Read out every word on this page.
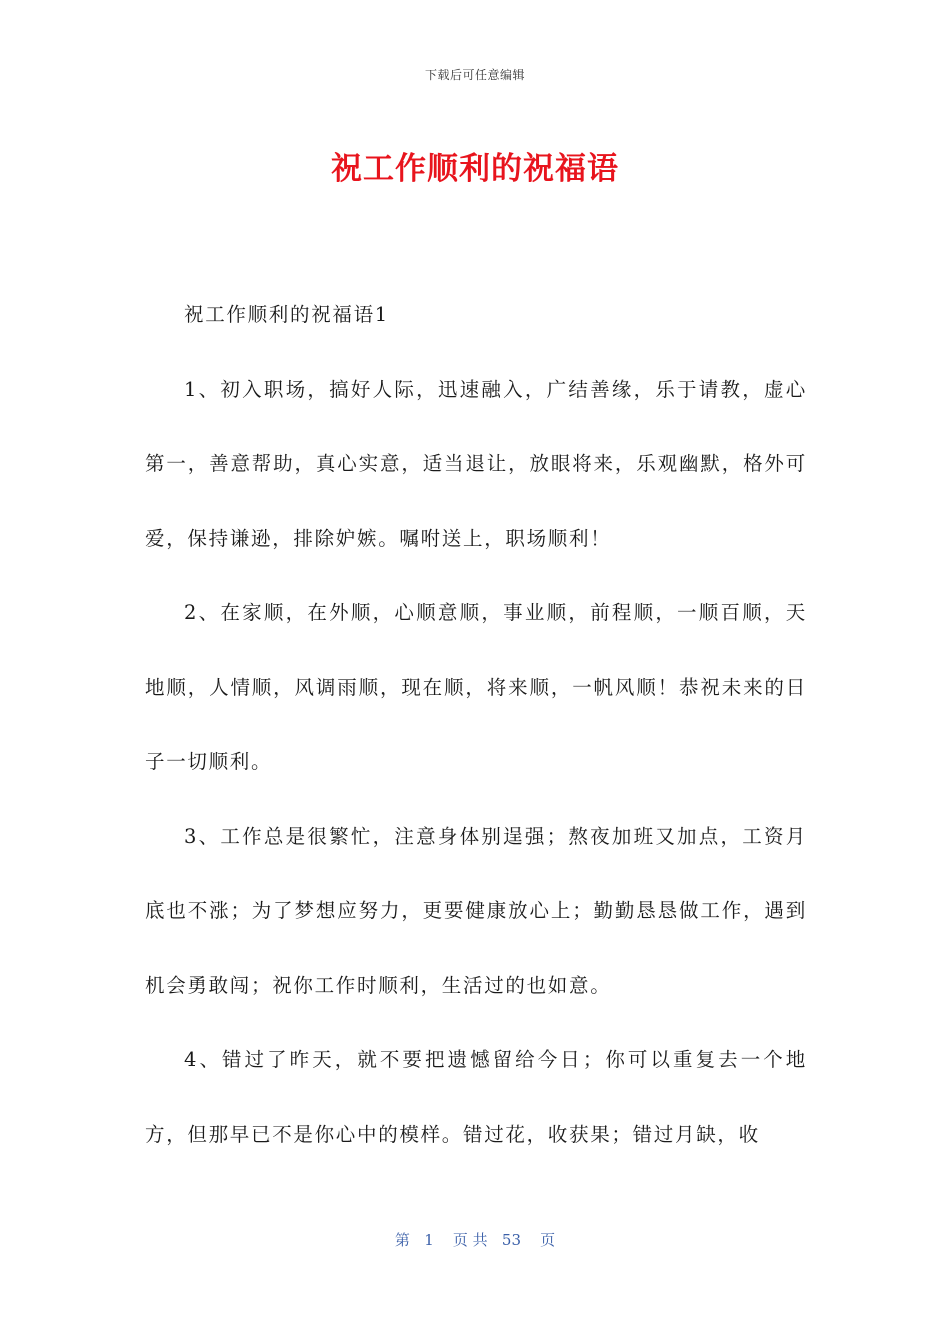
下载后可任意编辑
祝工作顺利的祝福语

祝工作顺利的祝福语1

1、初入职场，搞好人际，迅速融入，广结善缘，乐于请教，虚心第一，善意帮助，真心实意，适当退让，放眼将来，乐观幽默，格外可爱，保持谦逊，排除妒嫉。嘱咐送上，职场顺利！

2、在家顺，在外顺，心顺意顺，事业顺，前程顺，一顺百顺，天地顺，人情顺，风调雨顺，现在顺，将来顺，一帆风顺！恭祝未来的日子一切顺利。

3、工作总是很繁忙，注意身体别逞强；熬夜加班又加点，工资月底也不涨；为了梦想应努力，更要健康放心上；勤勤恳恳做工作，遇到机会勇敢闯；祝你工作时顺利，生活过的也如意。

4、错过了昨天，就不要把遗憾留给今日；你可以重复去一个地方，但那早已不是你心中的模样。错过花，收获果；错过月缺，收

第 1 页 共 53 页
